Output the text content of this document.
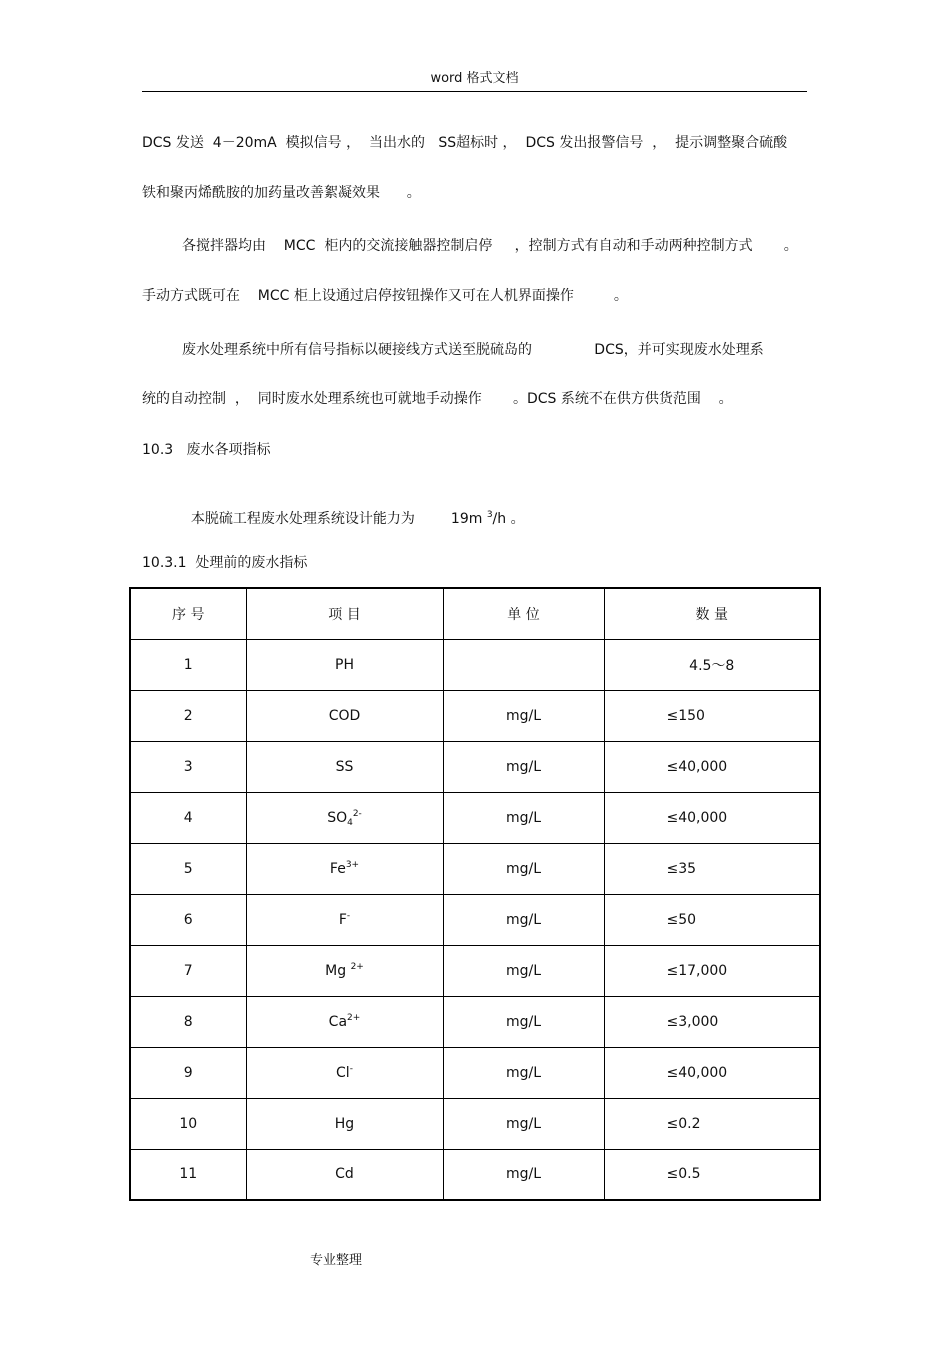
word 格式文档
DCS 发送  4－20mA  模拟信号 ，  当出水的   SS超标时 ，  DCS 发出报警信号  ，  提示调整聚合硫酸
铁和聚丙烯酰胺的加药量改善絮凝效果      。
各搅拌器均由    MCC  柜内的交流接触器控制启停     ，控制方式有自动和手动两种控制方式       。
手动方式既可在    MCC 柜上设通过启停按钮操作又可在人机界面操作         。
废水处理系统中所有信号指标以硬接线方式送至脱硫岛的              DCS，并可实现废水处理系
统的自动控制  ，  同时废水处理系统也可就地手动操作       。DCS 系统不在供方供货范围    。
10.3   废水各项指标

本脱硫工程废水处理系统设计能力为	19m $^3$/h 。

10.3.1  处理前的废水指标
序 号	项 目	单 位	数 量
1	PH		4.5～8
2	COD	mg/L	≤150
3	SS	mg/L	≤40,000
4	$SO_4^{2-}$	mg/L	≤40,000
5	$Fe^{3+}$	mg/L	≤35
6	F-	mg/L	≤50
7	Mg $^{2+}$	mg/L	≤17,000
8	$Ca^{2+}$	mg/L	≤3,000
9	Cl-	mg/L	≤40,000
10	Hg	mg/L	≤0.2
11	Cd	mg/L	≤0.5
专业整理
